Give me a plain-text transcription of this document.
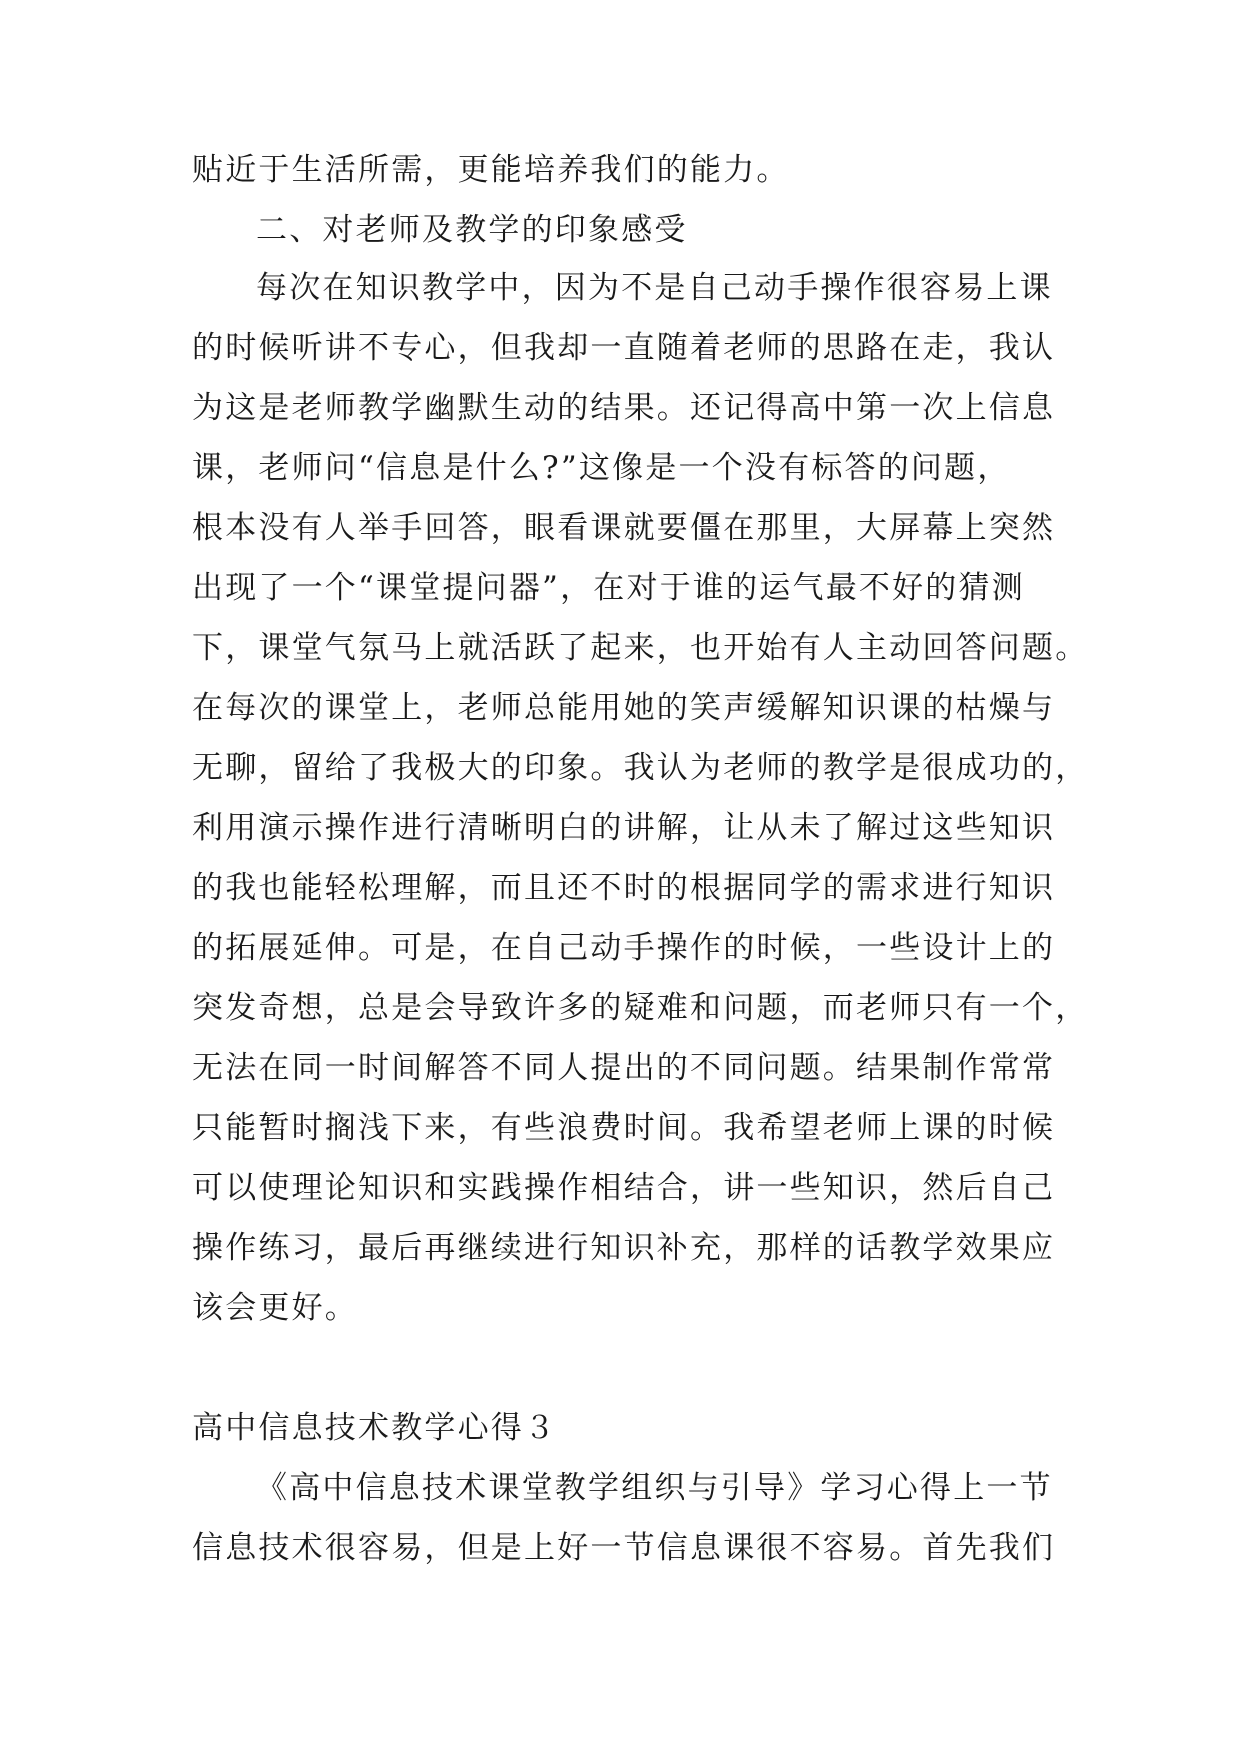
贴近于生活所需，更能培养我们的能力。
二、对老师及教学的印象感受
每次在知识教学中，因为不是自己动手操作很容易上课
的时候听讲不专心，但我却一直随着老师的思路在走，我认
为这是老师教学幽默生动的结果。还记得高中第一次上信息
课，老师问“信息是什么?”这像是一个没有标答的问题，
根本没有人举手回答，眼看课就要僵在那里，大屏幕上突然
出现了一个“课堂提问器”，在对于谁的运气最不好的猜测
下，课堂气氛马上就活跃了起来，也开始有人主动回答问题。
在每次的课堂上，老师总能用她的笑声缓解知识课的枯燥与
无聊，留给了我极大的印象。我认为老师的教学是很成功的，
利用演示操作进行清晰明白的讲解，让从未了解过这些知识
的我也能轻松理解，而且还不时的根据同学的需求进行知识
的拓展延伸。可是，在自己动手操作的时候，一些设计上的
突发奇想，总是会导致许多的疑难和问题，而老师只有一个，
无法在同一时间解答不同人提出的不同问题。结果制作常常
只能暂时搁浅下来，有些浪费时间。我希望老师上课的时候
可以使理论知识和实践操作相结合，讲一些知识，然后自己
操作练习，最后再继续进行知识补充，那样的话教学效果应
该会更好。
高中信息技术教学心得３
《高中信息技术课堂教学组织与引导》学习心得上一节
信息技术很容易，但是上好一节信息课很不容易。首先我们
